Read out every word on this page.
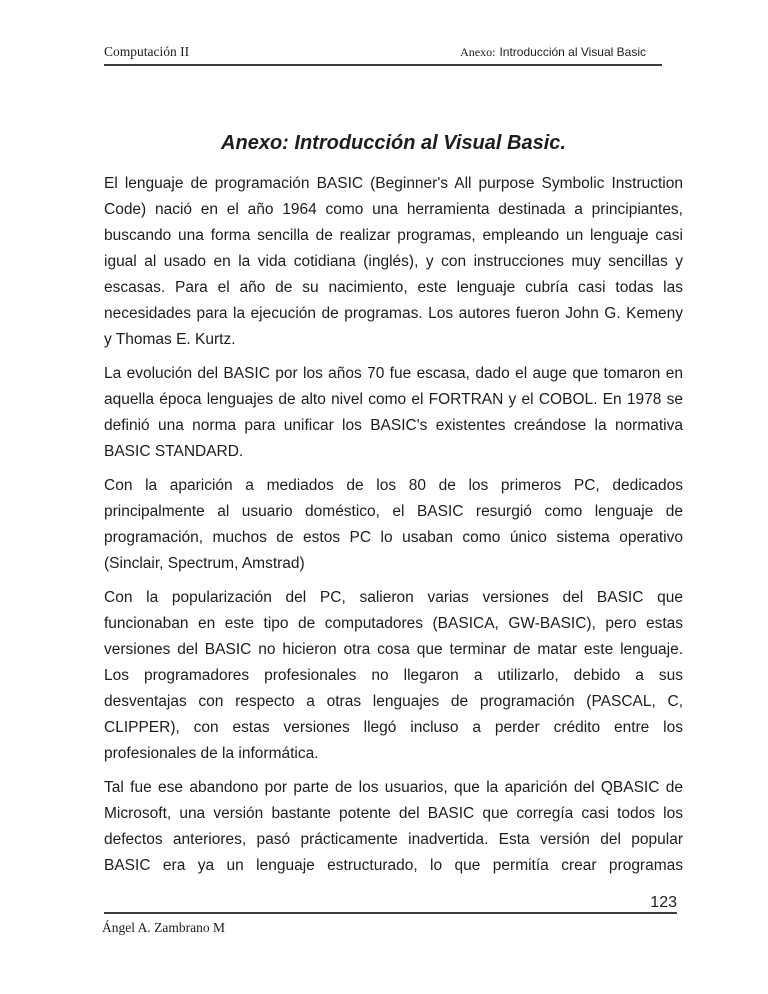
Computación II	Anexo: Introducción al Visual Basic
Anexo: Introducción al Visual Basic.
El lenguaje de programación BASIC (Beginner's All purpose Symbolic Instruction
Code) nació en el año 1964 como una herramienta destinada a principiantes,
buscando una forma sencilla de realizar programas, empleando un lenguaje casi
igual al usado en la vida cotidiana (inglés), y con instrucciones muy sencillas y
escasas. Para el año de su nacimiento, este lenguaje cubría casi todas las
necesidades para la ejecución de programas. Los autores fueron John G. Kemeny
y Thomas E. Kurtz.
La evolución del BASIC por los años 70 fue escasa, dado el auge que tomaron en
aquella época lenguajes de alto nivel como el FORTRAN y el COBOL. En 1978 se
definió una norma para unificar los BASIC's existentes creándose la normativa
BASIC STANDARD.
Con la aparición a mediados de los 80 de los primeros PC, dedicados
principalmente al usuario doméstico, el BASIC resurgió como lenguaje de
programación, muchos de estos PC lo usaban como único sistema operativo
(Sinclair, Spectrum, Amstrad)
Con la popularización del PC, salieron varias versiones del BASIC que
funcionaban en este tipo de computadores (BASICA, GW-BASIC), pero estas
versiones del BASIC no hicieron otra cosa que terminar de matar este lenguaje.
Los programadores profesionales no llegaron a utilizarlo, debido a sus
desventajas con respecto a otras lenguajes de programación (PASCAL, C,
CLIPPER), con estas versiones llegó incluso a perder crédito entre los
profesionales de la informática.
Tal fue ese abandono por parte de los usuarios, que la aparición del QBASIC de
Microsoft, una versión bastante potente del BASIC que corregía casi todos los
defectos anteriores, pasó prácticamente inadvertida. Esta versión del popular
BASIC era ya un lenguaje estructurado, lo que permitía crear programas
123
Ángel A. Zambrano M
